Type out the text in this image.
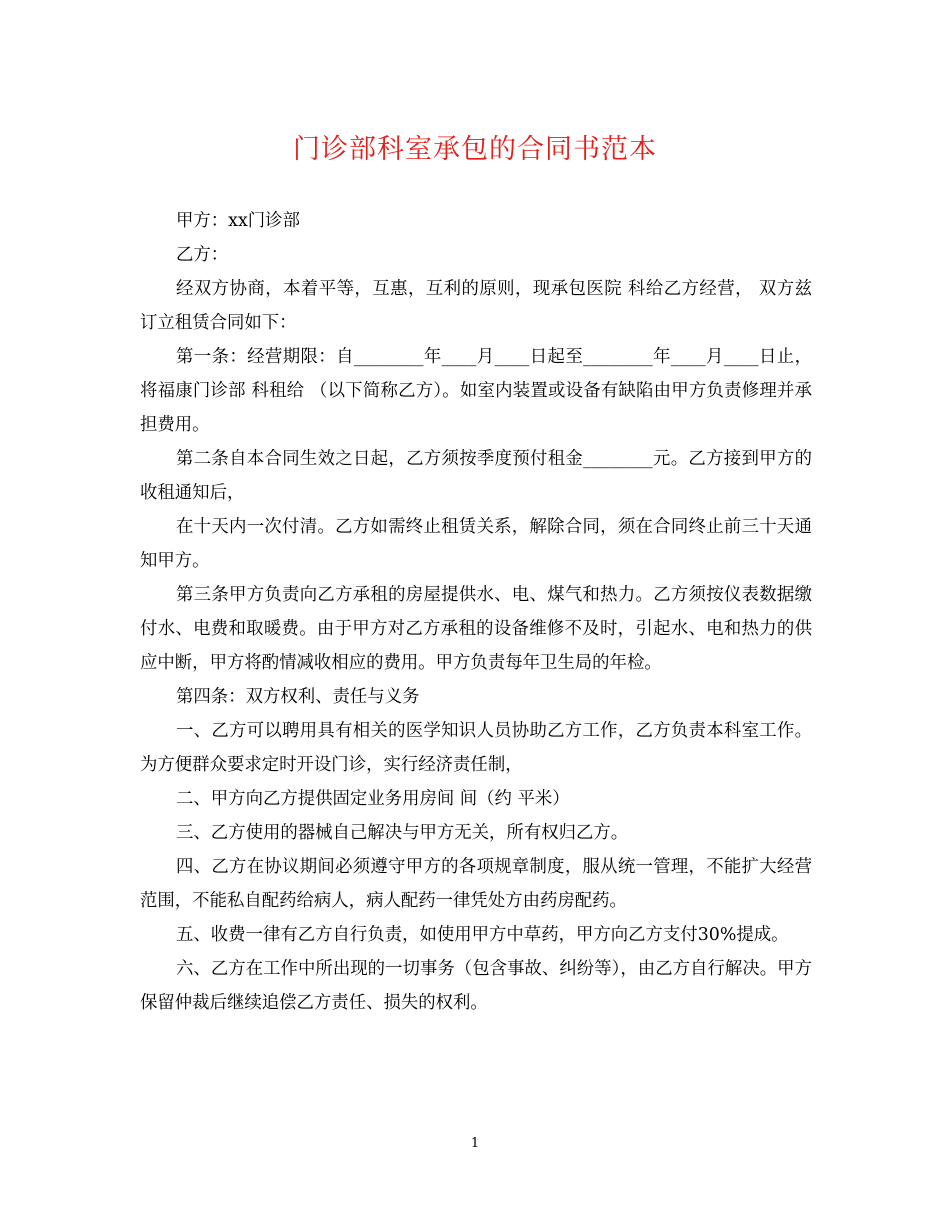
门诊部科室承包的合同书范本

甲方：xx门诊部

乙方：

经双方协商，本着平等，互惠，互利的原则，现承包医院 科给乙方经营， 双方兹订立租赁合同如下：

第一条：经营期限：自________年____月____日起至________年____月____日止，将福康门诊部 科租给 （以下简称乙方）。如室内装置或设备有缺陷由甲方负责修理并承担费用。

第二条自本合同生效之日起，乙方须按季度预付租金________元。乙方接到甲方的收租通知后，

在十天内一次付清。乙方如需终止租赁关系，解除合同，须在合同终止前三十天通知甲方。

第三条甲方负责向乙方承租的房屋提供水、电、煤气和热力。乙方须按仪表数据缴付水、电费和取暖费。由于甲方对乙方承租的设备维修不及时，引起水、电和热力的供应中断，甲方将酌情减收相应的费用。甲方负责每年卫生局的年检。

第四条：双方权利、责任与义务

一、乙方可以聘用具有相关的医学知识人员协助乙方工作，乙方负责本科室工作。为方便群众要求定时开设门诊，实行经济责任制，

二、甲方向乙方提供固定业务用房间 间（约 平米）

三、乙方使用的器械自己解决与甲方无关，所有权归乙方。

四、乙方在协议期间必须遵守甲方的各项规章制度，服从统一管理，不能扩大经营范围，不能私自配药给病人，病人配药一律凭处方由药房配药。

五、收费一律有乙方自行负责，如使用甲方中草药，甲方向乙方支付30%提成。

六、乙方在工作中所出现的一切事务（包含事故、纠纷等），由乙方自行解决。甲方保留仲裁后继续追偿乙方责任、损失的权利。

1
